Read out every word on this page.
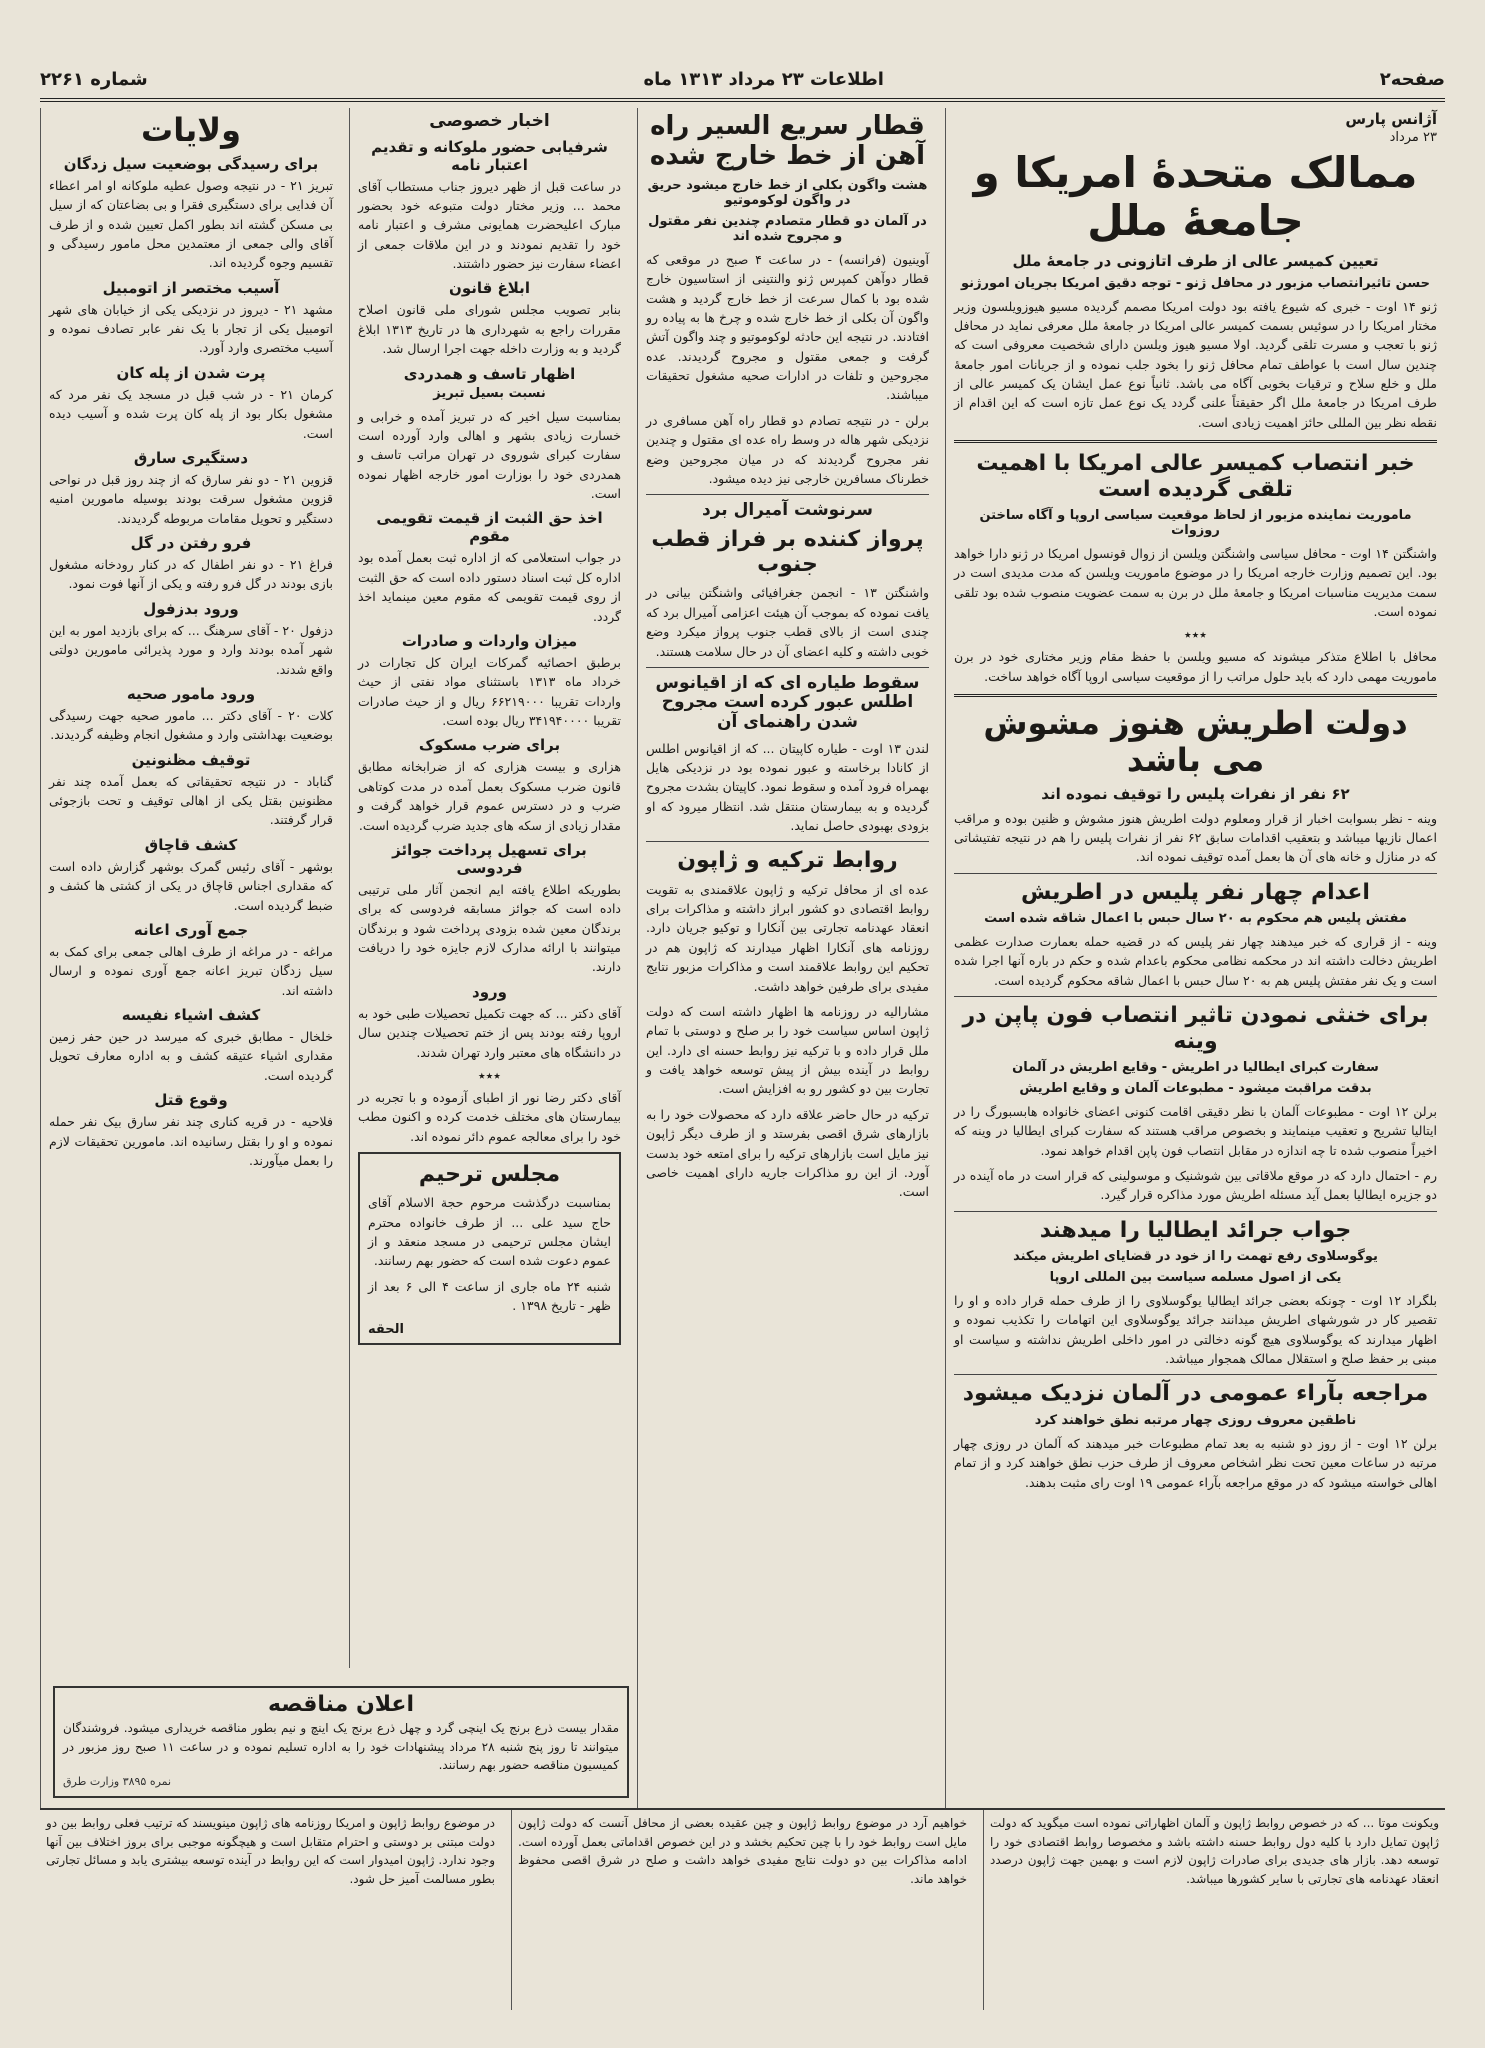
صفحه۲
اطلاعات ۲۳ مرداد ۱۳۱۳ ماه
شماره ۲۲۶۱
آژانس پارس
۲۳ مرداد
ممالک متحدهٔ امریکا و جامعهٔ ملل
تعیین کمیسر عالی از طرف اتازونی در جامعهٔ ملل
حسن تاثیرانتصاب مزبور در محافل ژنو - توجه دقیق امریکا بجریان امورژنو

ژنو ۱۴ اوت - خبری که شیوع یافته بود دولت امریکا مصمم گردیده مسیو هیوزویلسون وزیر مختار امریکا را در سوئیس بسمت کمیسر عالی امریکا در جامعهٔ ملل معرفی نماید در محافل ژنو با تعجب و مسرت تلقی گردید. اولا مسیو هیوز ویلسن دارای شخصیت معروفی است که چندین سال است با عواطف تمام محافل ژنو را بخود جلب نموده و از جریانات امور جامعهٔ ملل و خلع سلاح و ترقیات بخوبی آگاه می باشد. ثانیاً نوع عمل ایشان یک کمیسر عالی از طرف امریکا در جامعهٔ ملل اگر حقیقتاً علنی گردد یک نوع عمل تازه است که این اقدام از نقطه نظر بین المللی حائز اهمیت زیادی است.

خبر انتصاب کمیسر عالی امریکا با اهمیت تلقی گردیده است
ماموریت نماینده مزبور از لحاظ موقعیت سیاسی اروپا و آگاه ساختن روزوات

واشنگتن ۱۴ اوت - محافل سیاسی واشنگتن ویلسن از زوال قونسول امریکا در ژنو دارا خواهد بود. این تصمیم وزارت خارجه امریکا را در موضوع ماموریت ویلسن که مدت مدیدی است در سمت مدیریت مناسبات امریکا و جامعهٔ ملل در برن به سمت عضویت منصوب شده بود تلقی نموده است.

٭٭٭

محافل با اطلاع متذکر میشوند که مسیو ویلسن با حفظ مقام وزیر مختاری خود در برن ماموریت مهمی دارد که باید حلول مراتب را از موقعیت سیاسی اروپا آگاه خواهد ساخت.

دولت اطریش هنوز مشوش می باشد
۶۲ نفر از نفرات پلیس را توقیف نموده اند

وینه - نظر بسوابت اخبار از قرار ومعلوم دولت اطریش هنوز مشوش و ظنین بوده و مراقب اعمال نازیها میباشد و بتعقیب اقدامات سابق ۶۲ نفر از نفرات پلیس را هم در نتیجه تفتیشاتی که در منازل و خانه های آن ها بعمل آمده توقیف نموده اند.

اعدام چهار نفر پلیس در اطریش
مفتش پلیس هم محکوم به ۲۰ سال حبس با اعمال شاقه شده است

وینه - از قراری که خبر میدهند چهار نفر پلیس که در قضیه حمله بعمارت صدارت عظمی اطریش دخالت داشته اند در محکمه نظامی محکوم باعدام شده و حکم در باره آنها اجرا شده است و یک نفر مفتش پلیس هم به ۲۰ سال حبس با اعمال شاقه محکوم گردیده است.

برای خنثی نمودن تاثیر انتصاب فون پاپن در وینه
سفارت کبرای ایطالیا در اطریش - وقایع اطریش در آلمان
بدقت مراقبت میشود - مطبوعات آلمان و وقایع اطریش

برلن ۱۲ اوت - مطبوعات آلمان با نظر دقیقی اقامت کنونی اعضای خانواده هابسبورگ را در ایتالیا تشریح و تعقیب مینمایند و بخصوص مراقب هستند که سفارت کبرای ایطالیا در وینه که اخیراً منصوب شده تا چه اندازه در مقابل انتصاب فون پاپن اقدام خواهد نمود.

رم - احتمال دارد که در موقع ملاقاتی بین شوشنیک و موسولینی که قرار است در ماه آینده در دو جزیره ایطالیا بعمل آید مسئله اطریش مورد مذاکره قرار گیرد.

جواب جرائد ایطالیا را میدهند
یوگوسلاوی رفع تهمت را از خود در قضایای اطریش میکند
یکی از اصول مسلمه سیاست بین المللی اروپا

بلگراد ۱۲ اوت - چونکه بعضی جرائد ایطالیا یوگوسلاوی را از طرف حمله قرار داده و او را تقصیر کار در شورشهای اطریش میدانند جرائد یوگوسلاوی این اتهامات را تکذیب نموده و اظهار میدارند که یوگوسلاوی هیچ گونه دخالتی در امور داخلی اطریش نداشته و سیاست او مبنی بر حفظ صلح و استقلال ممالک همجوار میباشد.

مراجعه بآراء عمومی در آلمان نزدیک میشود
ناطقین معروف روزی چهار مرتبه نطق خواهند کرد

برلن ۱۲ اوت - از روز دو شنبه به بعد تمام مطبوعات خبر میدهند که آلمان در روزی چهار مرتبه در ساعات معین تحت نظر اشخاص معروف از طرف حزب نطق خواهند کرد و از تمام اهالی خواسته میشود که در موقع مراجعه بآراء عمومی ۱۹ اوت رای مثبت بدهند.

قطار سریع السیر راه آهن از خط خارج شده
هشت واگون بکلی از خط خارج میشود حریق در واگون لوکوموتیو
در آلمان دو قطار متصادم چندین نفر مقتول و مجروح شده اند

آوینیون (فرانسه) - در ساعت ۴ صبح در موقعی که قطار دوآهن کمپرس ژنو والنتینی از استاسیون خارج شده بود با کمال سرعت از خط خارج گردید و هشت واگون آن بکلی از خط خارج شده و چرخ ها به پیاده رو افتادند. در نتیجه این حادثه لوکوموتیو و چند واگون آتش گرفت و جمعی مقتول و مجروح گردیدند. عده مجروحین و تلفات در ادارات صحیه مشغول تحقیقات میباشند.

برلن - در نتیجه تصادم دو قطار راه آهن مسافری در نزدیکی شهر هاله در وسط راه عده ای مقتول و چندین نفر مجروح گردیدند که در میان مجروحین وضع خطرناک مسافرین خارجی نیز دیده میشود.

سرنوشت آمیرال برد
پرواز کننده بر فراز قطب جنوب

واشنگتن ۱۳ - انجمن جغرافیائی واشنگتن بیانی در یافت نموده که بموجب آن هیئت اعزامی آمیرال برد که چندی است از بالای قطب جنوب پرواز میکرد وضع خوبی داشته و کلیه اعضای آن در حال سلامت هستند.

سقوط طیاره ای که از اقیانوس اطلس عبور کرده است مجروح شدن راهنمای آن

لندن ۱۳ اوت - طیاره کاپیتان ... که از اقیانوس اطلس از کانادا برخاسته و عبور نموده بود در نزدیکی هایل بهمراه فرود آمده و سقوط نمود. کاپیتان بشدت مجروح گردیده و به بیمارستان منتقل شد. انتظار میرود که او بزودی بهبودی حاصل نماید.

روابط ترکیه و ژاپون

عده ای از محافل ترکیه و ژاپون علاقمندی به تقویت روابط اقتصادی دو کشور ابراز داشته و مذاکرات برای انعقاد عهدنامه تجارتی بین آنکارا و توکیو جریان دارد. روزنامه های آنکارا اظهار میدارند که ژاپون هم در تحکیم این روابط علاقمند است و مذاکرات مزبور نتایج مفیدی برای طرفین خواهد داشت.

مشارالیه در روزنامه ها اظهار داشته است که دولت ژاپون اساس سیاست خود را بر صلح و دوستی با تمام ملل قرار داده و با ترکیه نیز روابط حسنه ای دارد. این روابط در آینده بیش از پیش توسعه خواهد یافت و تجارت بین دو کشور رو به افزایش است.

ترکیه در حال حاضر علاقه دارد که محصولات خود را به بازارهای شرق اقصی بفرستد و از طرف دیگر ژاپون نیز مایل است بازارهای ترکیه را برای امتعه خود بدست آورد. از این رو مذاکرات جاریه دارای اهمیت خاصی است.

اخبار خصوصی
شرفیابی حضور ملوکانه و تقدیم اعتبار نامه

در ساعت قبل از ظهر دیروز جناب مستطاب آقای محمد ... وزیر مختار دولت متبوعه خود بحضور مبارک اعلیحضرت همایونی مشرف و اعتبار نامه خود را تقدیم نمودند و در این ملاقات جمعی از اعضاء سفارت نیز حضور داشتند.

ابلاغ قانون

بنابر تصویب مجلس شورای ملی قانون اصلاح مقررات راجع به شهرداری ها در تاریخ ۱۳۱۳ ابلاغ گردید و به وزارت داخله جهت اجرا ارسال شد.

اظهار تاسف و همدردی
نسبت بسیل تبریز

بمناسبت سیل اخیر که در تبریز آمده و خرابی و خسارت زیادی بشهر و اهالی وارد آورده است سفارت کبرای شوروی در تهران مراتب تاسف و همدردی خود را بوزارت امور خارجه اظهار نموده است.

اخذ حق الثبت از قیمت تقویمی مقوم

در جواب استعلامی که از اداره ثبت بعمل آمده بود اداره کل ثبت اسناد دستور داده است که حق الثبت از روی قیمت تقویمی که مقوم معین مینماید اخذ گردد.

میزان واردات و صادرات

برطبق احصائیه گمرکات ایران کل تجارات در خرداد ماه ۱۳۱۳ باستثنای مواد نفتی از حیث واردات تقریبا ۶۶۲۱۹۰۰۰ ریال و از حیث صادرات تقریبا ۳۴۱۹۴۰۰۰۰ ریال بوده است.

برای ضرب مسکوک

هزاری و بیست هزاری که از ضرابخانه مطابق قانون ضرب مسکوک بعمل آمده در مدت کوتاهی ضرب و در دسترس عموم قرار خواهد گرفت و مقدار زیادی از سکه های جدید ضرب گردیده است.

برای تسهیل پرداخت جوائز فردوسی

بطوریکه اطلاع یافته ایم انجمن آثار ملی ترتیبی داده است که جوائز مسابقه فردوسی که برای برندگان معین شده بزودی پرداخت شود و برندگان میتوانند با ارائه مدارک لازم جایزه خود را دریافت دارند.

ورود

آقای دکتر ... که جهت تکمیل تحصیلات طبی خود به اروپا رفته بودند پس از ختم تحصیلات چندین سال در دانشگاه های معتبر وارد تهران شدند.

٭٭٭

آقای دکتر رضا نور از اطبای آزموده و با تجربه در بیمارستان های مختلف خدمت کرده و اکنون مطب خود را برای معالجه عموم دائر نموده اند.

مجلس ترحیم

بمناسبت درگذشت مرحوم حجة الاسلام آقای حاج سید علی ... از طرف خانواده محترم ایشان مجلس ترحیمی در مسجد منعقد و از عموم دعوت شده است که حضور بهم رسانند.

شنبه ۲۴ ماه جاری از ساعت ۴ الی ۶ بعد از ظهر - تاریخ ۱۳۹۸ .

الحقه
ولایات
برای رسیدگی بوضعیت سیل زدگان

تبریز ۲۱ - در نتیجه وصول عطیه ملوکانه او امر اعطاء آن فدایی برای دستگیری فقرا و بی بضاعتان که از سیل بی مسکن گشته اند بطور اکمل تعیین شده و از طرف آقای والی جمعی از معتمدین محل مامور رسیدگی و تقسیم وجوه گردیده اند.

آسیب مختصر از اتومبیل

مشهد ۲۱ - دیروز در نزدیکی یکی از خیابان های شهر اتومبیل یکی از تجار با یک نفر عابر تصادف نموده و آسیب مختصری وارد آورد.

پرت شدن از پله کان

کرمان ۲۱ - در شب قبل در مسجد یک نفر مرد که مشغول بکار بود از پله کان پرت شده و آسیب دیده است.

دستگیری سارق

قزوین ۲۱ - دو نفر سارق که از چند روز قبل در نواحی قزوین مشغول سرقت بودند بوسیله مامورین امنیه دستگیر و تحویل مقامات مربوطه گردیدند.

فرو رفتن در گل

فراغ ۲۱ - دو نفر اطفال که در کنار رودخانه مشغول بازی بودند در گل فرو رفته و یکی از آنها فوت نمود.

ورود بدزفول

دزفول ۲۰ - آقای سرهنگ ... که برای بازدید امور به این شهر آمده بودند وارد و مورد پذیرائی مامورین دولتی واقع شدند.

ورود مامور صحیه

کلات ۲۰ - آقای دکتر ... مامور صحیه جهت رسیدگی بوضعیت بهداشتی وارد و مشغول انجام وظیفه گردیدند.

توقیف مظنونین

گناباد - در نتیجه تحقیقاتی که بعمل آمده چند نفر مظنونین بقتل یکی از اهالی توقیف و تحت بازجوئی قرار گرفتند.

کشف قاچاق

بوشهر - آقای رئیس گمرک بوشهر گزارش داده است که مقداری اجناس قاچاق در یکی از کشتی ها کشف و ضبط گردیده است.

جمع آوری اعانه

مراغه - در مراغه از طرف اهالی جمعی برای کمک به سیل زدگان تبریز اعانه جمع آوری نموده و ارسال داشته اند.

کشف اشیاء نفیسه

خلخال - مطابق خبری که میرسد در حین حفر زمین مقداری اشیاء عتیقه کشف و به اداره معارف تحویل گردیده است.

وقوع قتل

فلاحیه - در قریه کناری چند نفر سارق بیک نفر حمله نموده و او را بقتل رسانیده اند. مامورین تحقیقات لازم را بعمل میآورند.

اعلان مناقصه

مقدار بیست ذرع برنج یک اینچی گرد و چهل ذرع برنج یک اینچ و نیم بطور مناقصه خریداری میشود. فروشندگان میتوانند تا روز پنج شنبه ۲۸ مرداد پیشنهادات خود را به اداره تسلیم نموده و در ساعت ۱۱ صبح روز مزبور در کمیسیون مناقصه حضور بهم رسانند.

نمره ۳۸۹۵ وزارت طرق
ویکونت موتا ... که در خصوص روابط ژاپون و آلمان اظهاراتی نموده است میگوید که دولت ژاپون تمایل دارد با کلیه دول روابط حسنه داشته باشد و مخصوصا روابط اقتصادی خود را توسعه دهد. بازار های جدیدی برای صادرات ژاپون لازم است و بهمین جهت ژاپون درصدد انعقاد عهدنامه های تجارتی با سایر کشورها میباشد.
خواهیم آرد در موضوع روابط ژاپون و چین عقیده بعضی از محافل آنست که دولت ژاپون مایل است روابط خود را با چین تحکیم بخشد و در این خصوص اقداماتی بعمل آورده است. ادامه مذاکرات بین دو دولت نتایج مفیدی خواهد داشت و صلح در شرق اقصی محفوظ خواهد ماند.
در موضوع روابط ژاپون و امریکا روزنامه های ژاپون مینویسند که ترتیب فعلی روابط بین دو دولت مبتنی بر دوستی و احترام متقابل است و هیچگونه موجبی برای بروز اختلاف بین آنها وجود ندارد. ژاپون امیدوار است که این روابط در آینده توسعه بیشتری یابد و مسائل تجارتی بطور مسالمت آمیز حل شود.
